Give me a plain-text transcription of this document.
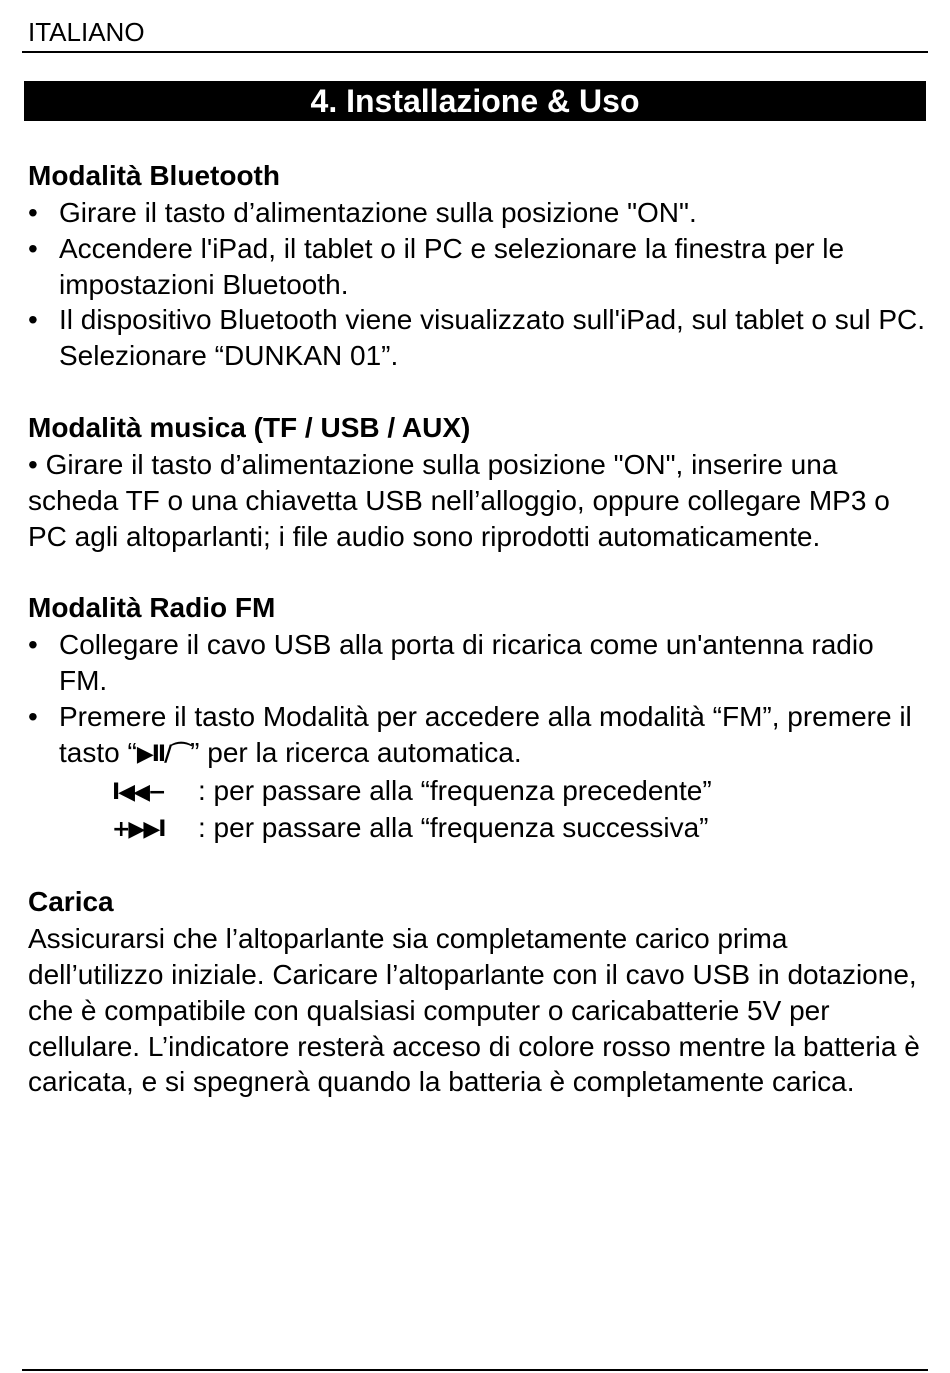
ITALIANO
4. Installazione & Uso
Modalità Bluetooth
• Girare il tasto d’alimentazione sulla posizione "ON".
• Accendere l'iPad, il tablet o il PC e selezionare la finestra per le impostazioni Bluetooth.
• Il dispositivo Bluetooth viene visualizzato sull'iPad, sul tablet o sul PC. Selezionare “DUNKAN 01”.
Modalità musica (TF / USB / AUX)

• Girare il tasto d’alimentazione sulla posizione "ON", inserire una scheda TF o una chiavetta USB nell’alloggio, oppure collegare MP3 o PC agli altoparlanti; i file audio sono riprodotti automaticamente.

Modalità Radio FM
• Collegare il cavo USB alla porta di ricarica come un'antenna radio FM.
• Premere il tasto Modalità per accedere alla modalità “FM”, premere il tasto “▶II/⌒” per la ricerca automatica.

I◀◀− : per passare alla “frequenza precedente”

+▶▶I : per passare alla “frequenza successiva”

Carica

Assicurarsi che l’altoparlante sia completamente carico prima dell’utilizzo iniziale. Caricare l’altoparlante con il cavo USB in dotazione, che è compatibile con qualsiasi computer o caricabatterie 5V per cellulare. L’indicatore resterà acceso di colore rosso mentre la batteria è caricata, e si spegnerà quando la batteria è completamente carica.
